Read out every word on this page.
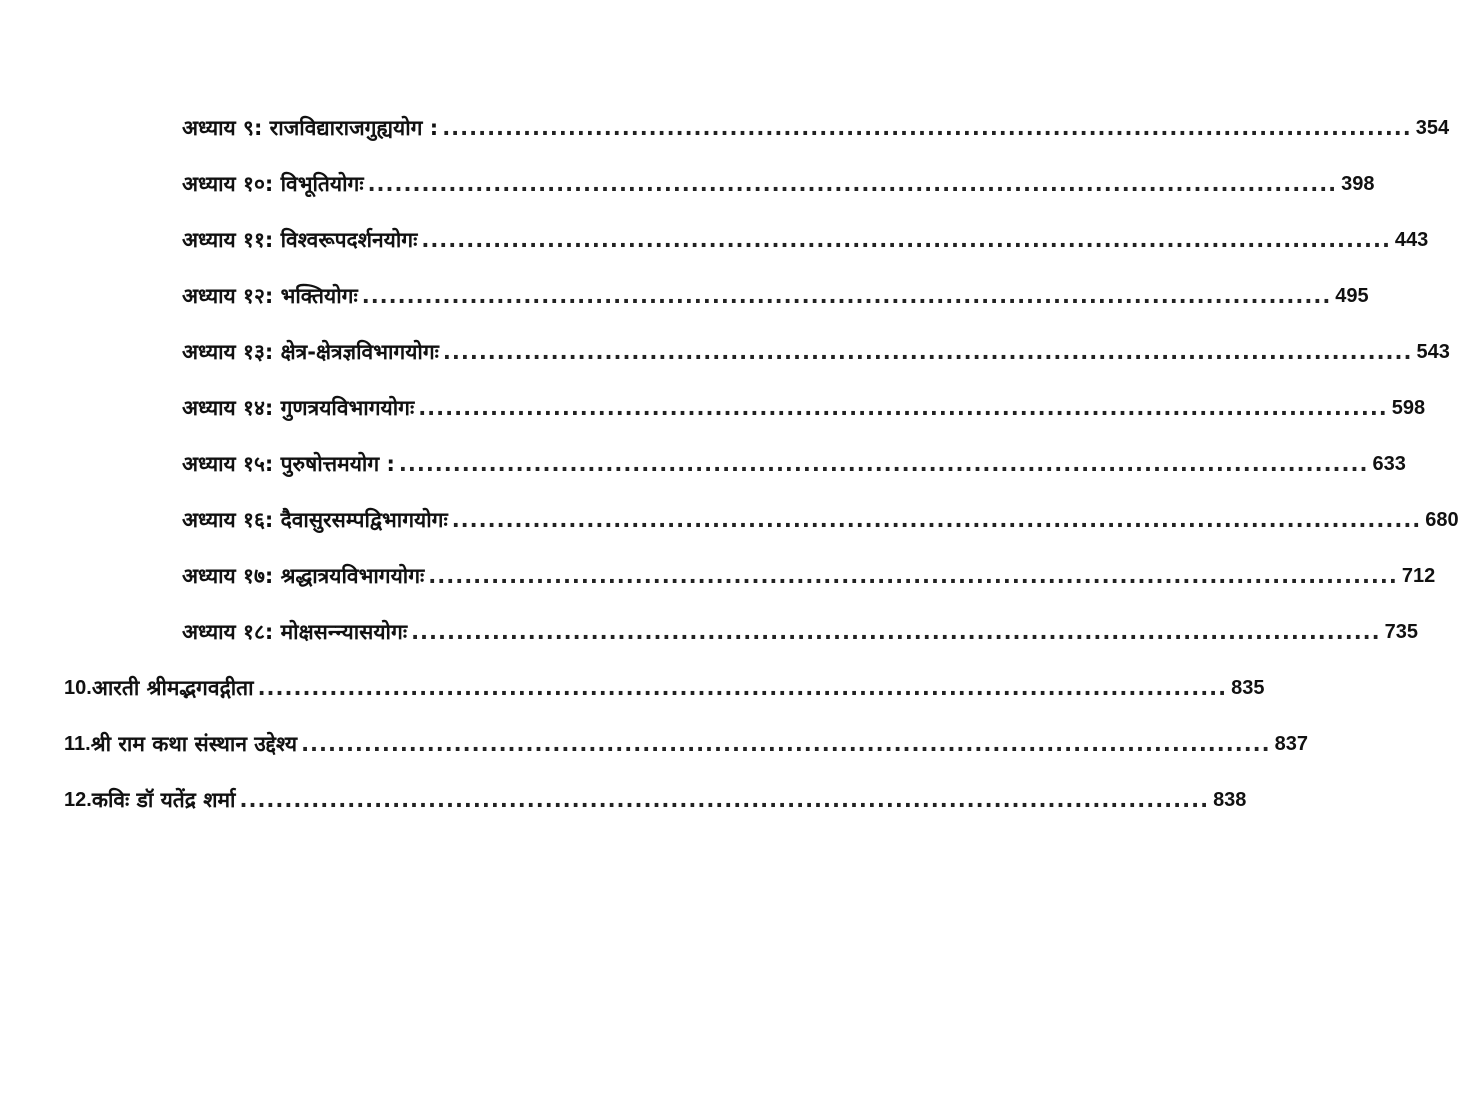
अध्याय ९: राजविद्याराजगुह्ययोग : ............................................................................................................ 354
अध्याय १०: विभूतियोगः ............................................................................................................ 398
अध्याय ११: विश्वरूपदर्शनयोगः ............................................................................................................ 443
अध्याय १२: भक्तियोगः ............................................................................................................ 495
अध्याय १३: क्षेत्र-क्षेत्रज्ञविभागयोगः ............................................................................................................ 543
अध्याय १४: गुणत्रयविभागयोगः ............................................................................................................ 598
अध्याय १५: पुरुषोत्तमयोग : ............................................................................................................ 633
अध्याय १६: दैवासुरसम्पद्विभागयोगः ............................................................................................................ 680
अध्याय १७: श्रद्धात्रयविभागयोगः ............................................................................................................ 712
अध्याय १८: मोक्षसन्न्यासयोगः ............................................................................................................ 735
10. आरती श्रीमद्भगवद्गीता ............................................................................................................ 835
11. श्री राम कथा संस्थान उद्देश्य ............................................................................................................ 837
12. कविः डॉ यतेंद्र शर्मा ............................................................................................................ 838
